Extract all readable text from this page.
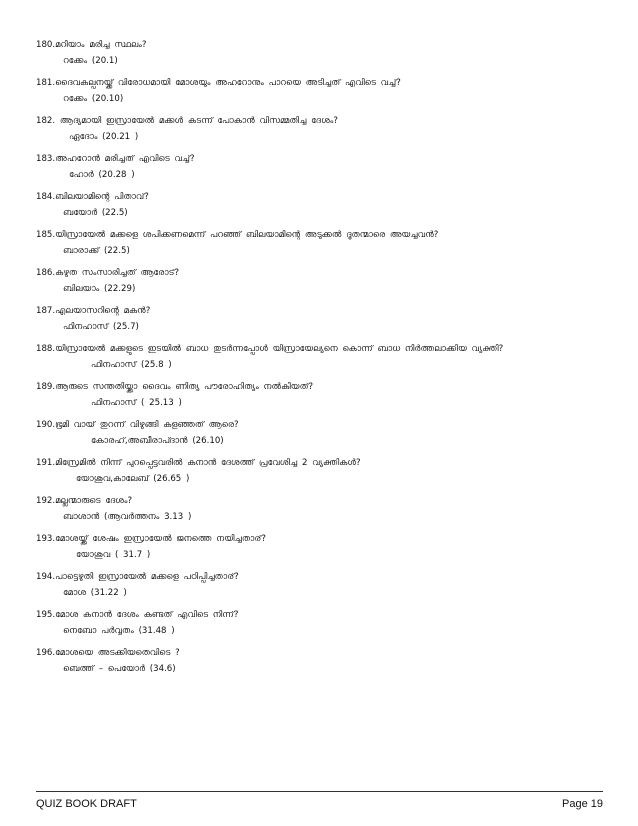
180.മറിയാം മരിച്ച സ്ഥലം?
റക്കേം (20.1)
181.ദൈവകല്പനയ്ക്ക് വിരോധമായി മോശയും അഹറോനും പാറയെ അടിച്ചത് എവിടെ വച്ച്?
റക്കേം (20.10)
182. ആദ്യമായി ഇസ്രായേൽ മക്കൾ കടന്ന് പോകാൻ വിസമ്മതിച്ച ദേശം?
ഏദോം (20.21 )
183.അഹറോൻ മരിച്ചത് എവിടെ വച്ച്?
ഹോർ (20.28 )
184.ബിലയാമിന്റെ പിതാവ്?
ബയോർ (22.5)
185.യിസ്രായേൽ മക്കളെ ശപിക്കണമെന്ന് പറഞ്ഞ് ബിലയാമിന്റെ അടുക്കൽ ദൂതന്മാരെ അയച്ചവൻ?
ബാരാക്ക് (22.5)
186.കഴുത സംസാരിച്ചത് ആരോട്?
ബിലയാം (22.29)
187.എലയാസറിന്റെ മകൻ?
ഫിനഹാസ് (25.7)
188.യിസ്രായേൽ മക്കളുടെ ഇടയിൽ ബാധ തുടർന്നപ്പോൾ യിസ്രായേല്യനെ കൊന്ന് ബാധ നിർത്തലാക്കിയ വ്യക്തി?
ഫിനഹാസ് (25.8 )
189.ആരുടെ സന്തതിയ്ക്കാ ദൈവം ണിത്യ പൗരോഹിത്യം നൽകിയത്?
ഫിനഹാസ് ( 25.13 )
190.ഭൂമി വായ് തുറന്ന് വിഴുങ്ങി കളഞ്ഞത് ആരെ?
കോരഹ്,അബീരാപ്ദാൻ (26.10)
191.മിസ്രേമിൽ നിന്ന് പുറപ്പെട്ടവരിൽ കനാൻ ദേശത്ത് പ്രവേശിച്ച 2 വ്യക്തികൾ?
യോശുവ,കാലേബ് (26.65 )
192.മല്ലന്മാരുടെ ദേശം?
ബാശാൻ (ആവർത്തനം 3.13 )
193.മോശയ്ക്ക് ശേഷം ഇസ്രായേൽ ജനത്തെ നയിച്ചതാര്?
യോശുവ ( 31.7 )
194.പാട്ടെഴുതി ഇസ്രായേൽ മക്കളെ പഠിപ്പിച്ചതാര്?
മോശ (31.22 )
195.മോശ കനാൻ ദേശം കണ്ടത് എവിടെ നിന്ന്?
നെബോ പർവ്വതം (31.48 )
196.മോശയെ അടക്കിയതെവിടെ ?
ബെത്ത് – പെയോർ (34.6)
QUIZ BOOK DRAFT	Page 19
